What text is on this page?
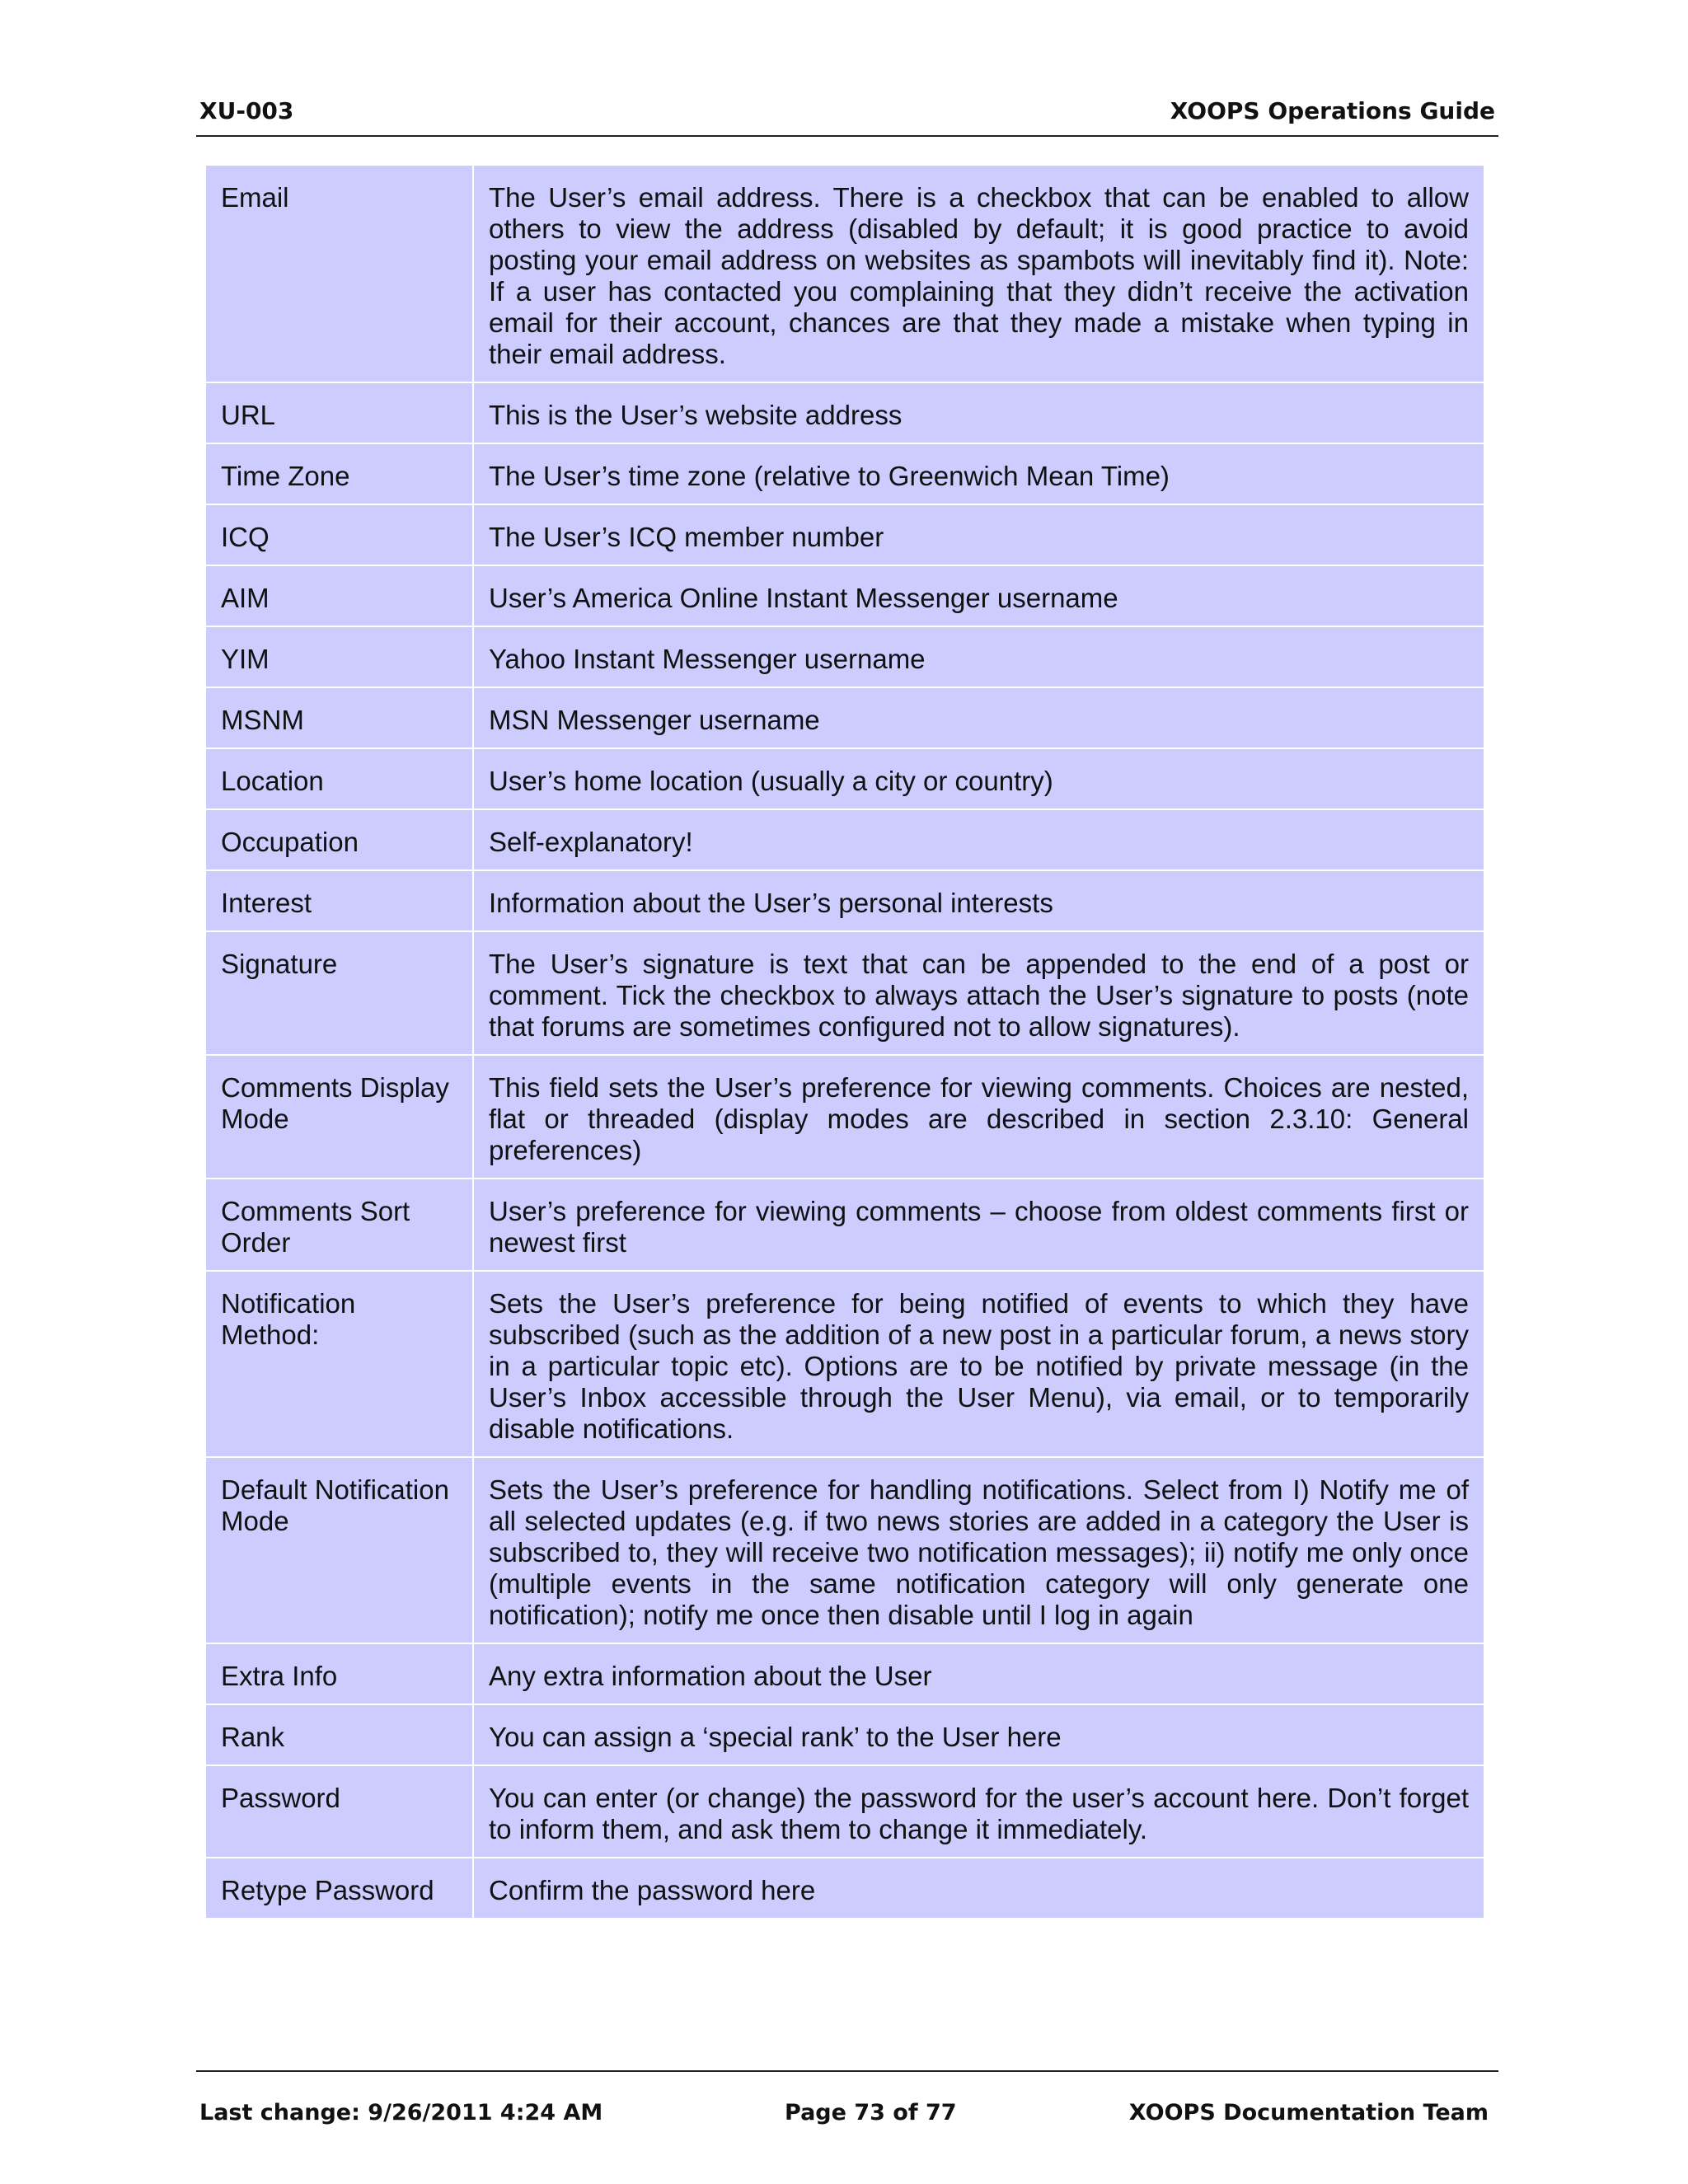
XU-003	XOOPS Operations Guide
Email	The User’s email address. There is a checkbox that can be enabled to allow others to view the address (disabled by default; it is good practice to avoid posting your email address on websites as spambots will inevitably find it). Note: If a user has contacted you complaining that they didn’t receive the activation email for their account, chances are that they made a mistake when typing in their email address.
URL	This is the User’s website address
Time Zone	The User’s time zone (relative to Greenwich Mean Time)
ICQ	The User’s ICQ member number
AIM	User’s America Online Instant Messenger username
YIM	Yahoo Instant Messenger username
MSNM	MSN Messenger username
Location	User’s home location (usually a city or country)
Occupation	Self-explanatory!
Interest	Information about the User’s personal interests
Signature	The User’s signature is text that can be appended to the end of a post or comment. Tick the checkbox to always attach the User’s signature to posts (note that forums are sometimes configured not to allow signatures).
Comments Display Mode	This field sets the User’s preference for viewing comments. Choices are nested, flat or threaded (display modes are described in section 2.3.10: General preferences)
Comments Sort Order	User’s preference for viewing comments – choose from oldest comments first or newest first
Notification Method:	Sets the User’s preference for being notified of events to which they have subscribed (such as the addition of a new post in a particular forum, a news story in a particular topic etc). Options are to be notified by private message (in the User’s Inbox accessible through the User Menu), via email, or to temporarily disable notifications.
Default Notification Mode	Sets the User’s preference for handling notifications. Select from I) Notify me of all selected updates (e.g. if two news stories are added in a category the User is subscribed to, they will receive two notification messages); ii) notify me only once (multiple events in the same notification category will only generate one notification); notify me once then disable until I log in again
Extra Info	Any extra information about the User
Rank	You can assign a ‘special rank’ to the User here
Password	You can enter (or change) the password for the user’s account here. Don’t forget to inform them, and ask them to change it immediately.
Retype Password	Confirm the password here
Last change: 9/26/2011 4:24 AM	Page 73 of 77	XOOPS Documentation Team
